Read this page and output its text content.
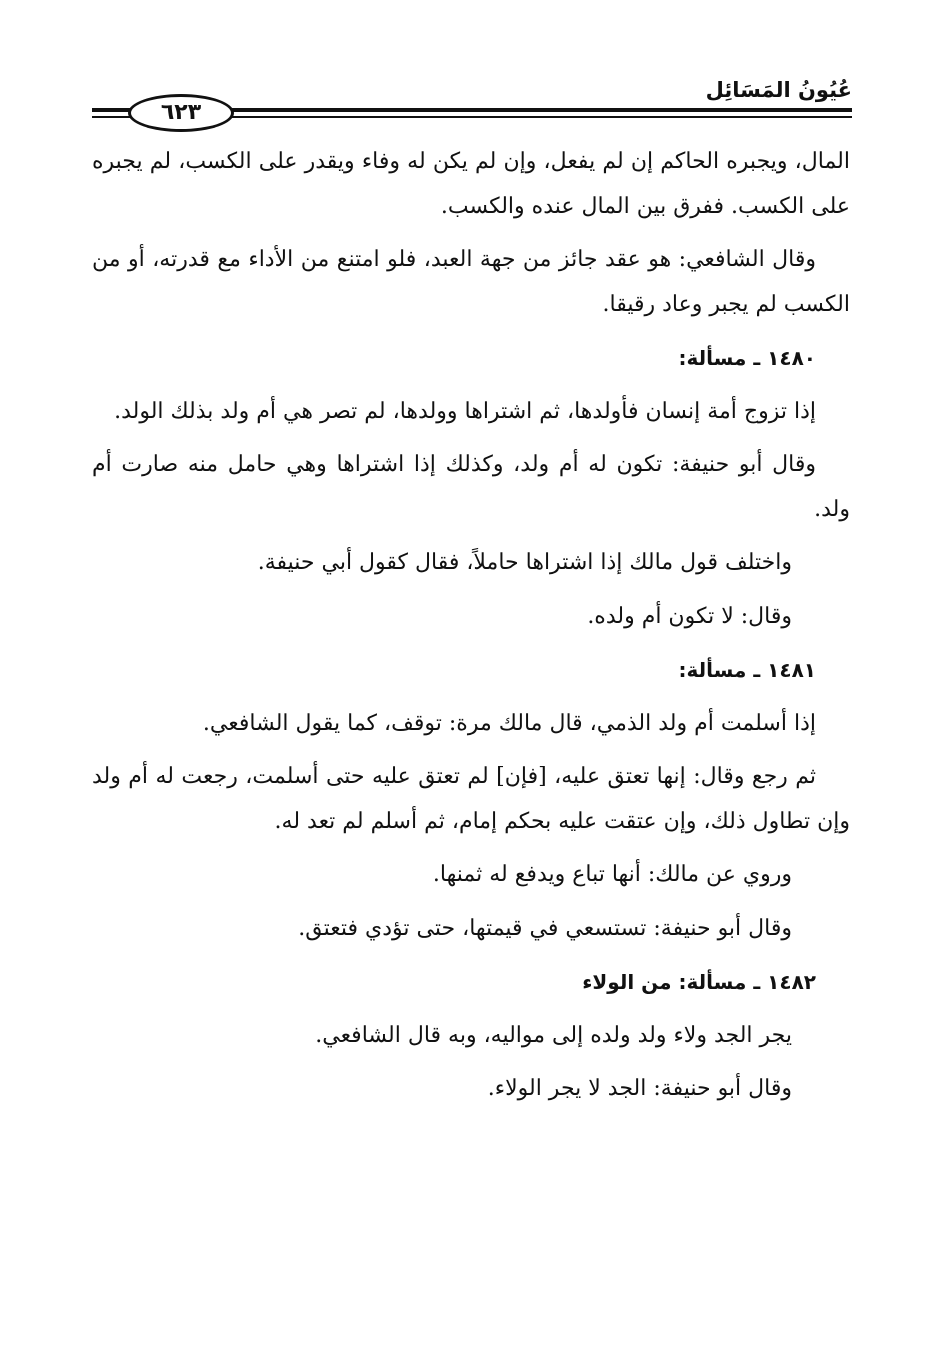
عُيُونُ المَسَائِل
٦٢٣

المال، ويجبره الحاكم إن لم يفعل، وإن لم يكن له وفاء ويقدر على الكسب، لم يجبره على الكسب. ففرق بين المال عنده والكسب.

وقال الشافعي: هو عقد جائز من جهة العبد، فلو امتنع من الأداء مع قدرته، أو من الكسب لم يجبر وعاد رقيقا.

١٤٨٠ ـ مسألة:

إذا تزوج أمة إنسان فأولدها، ثم اشتراها وولدها، لم تصر هي أم ولد بذلك الولد.

وقال أبو حنيفة: تكون له أم ولد، وكذلك إذا اشتراها وهي حامل منه صارت أم ولد.

واختلف قول مالك إذا اشتراها حاملاً، فقال كقول أبي حنيفة.

وقال: لا تكون أم ولده.

١٤٨١ ـ مسألة:

إذا أسلمت أم ولد الذمي، قال مالك مرة: توقف، كما يقول الشافعي.

ثم رجع وقال: إنها تعتق عليه، [فإن] لم تعتق عليه حتى أسلمت، رجعت له أم ولد وإن تطاول ذلك، وإن عتقت عليه بحكم إمام، ثم أسلم لم تعد له.

وروي عن مالك: أنها تباع ويدفع له ثمنها.

وقال أبو حنيفة: تستسعي في قيمتها، حتى تؤدي فتعتق.

١٤٨٢ ـ مسألة: من الولاء

يجر الجد ولاء ولد ولده إلى مواليه، وبه قال الشافعي.

وقال أبو حنيفة: الجد لا يجر الولاء.
